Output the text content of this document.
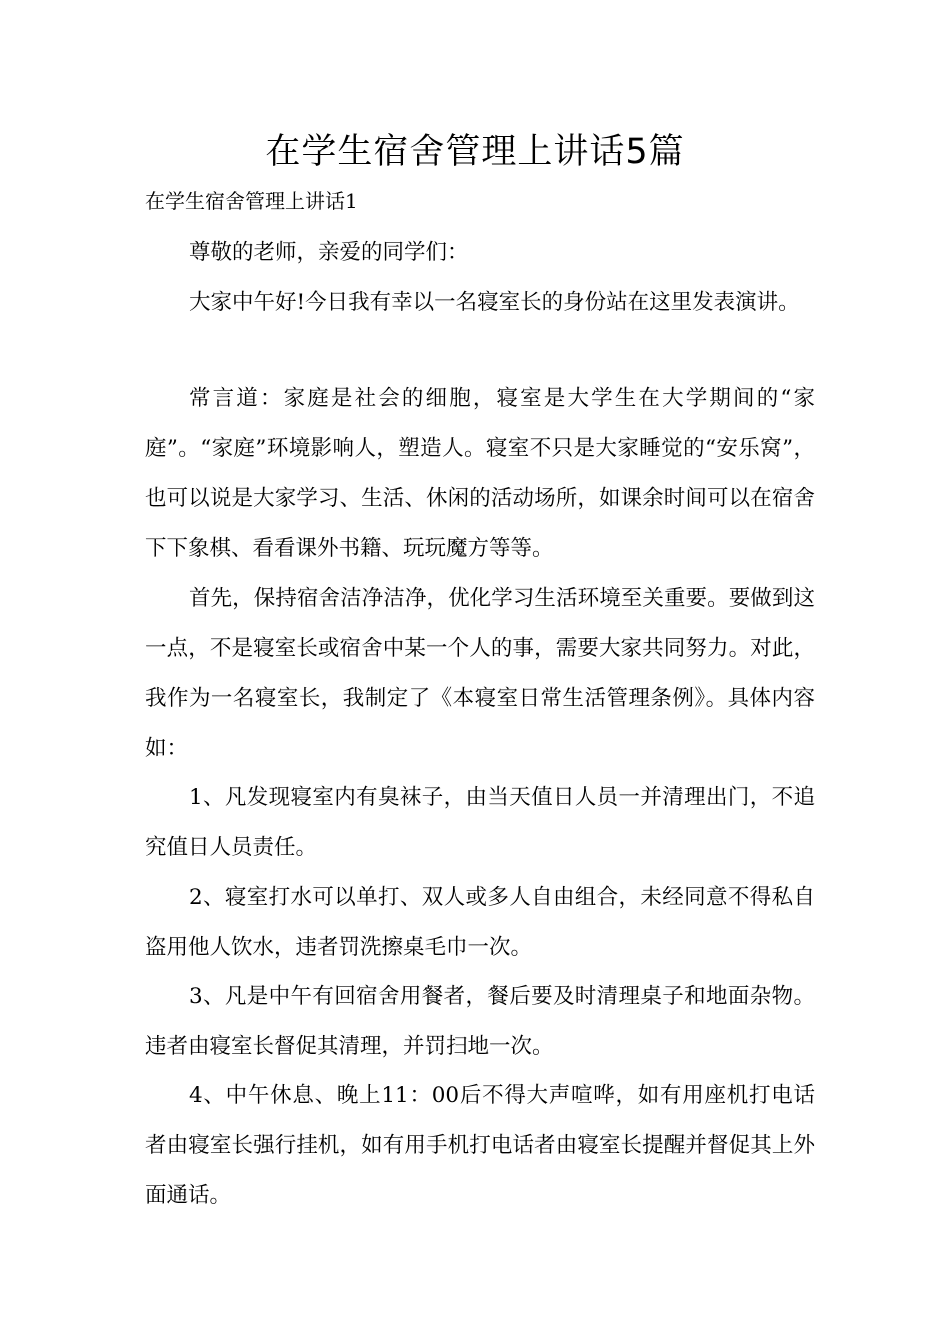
在学生宿舍管理上讲话5篇
在学生宿舍管理上讲话1

尊敬的老师，亲爱的同学们：

大家中午好!今日我有幸以一名寝室长的身份站在这里发表演讲。

常言道：家庭是社会的细胞，寝室是大学生在大学期间的“家庭”。“家庭”环境影响人，塑造人。寝室不只是大家睡觉的“安乐窝”，也可以说是大家学习、生活、休闲的活动场所，如课余时间可以在宿舍下下象棋、看看课外书籍、玩玩魔方等等。

首先，保持宿舍洁净洁净，优化学习生活环境至关重要。要做到这一点，不是寝室长或宿舍中某一个人的事，需要大家共同努力。对此，我作为一名寝室长，我制定了《本寝室日常生活管理条例》。具体内容如：

1、凡发现寝室内有臭袜子，由当天值日人员一并清理出门，不追究值日人员责任。

2、寝室打水可以单打、双人或多人自由组合，未经同意不得私自盗用他人饮水，违者罚洗擦桌毛巾一次。

3、凡是中午有回宿舍用餐者，餐后要及时清理桌子和地面杂物。违者由寝室长督促其清理，并罚扫地一次。

4、中午休息、晚上11：00后不得大声喧哗，如有用座机打电话者由寝室长强行挂机，如有用手机打电话者由寝室长提醒并督促其上外面通话。
